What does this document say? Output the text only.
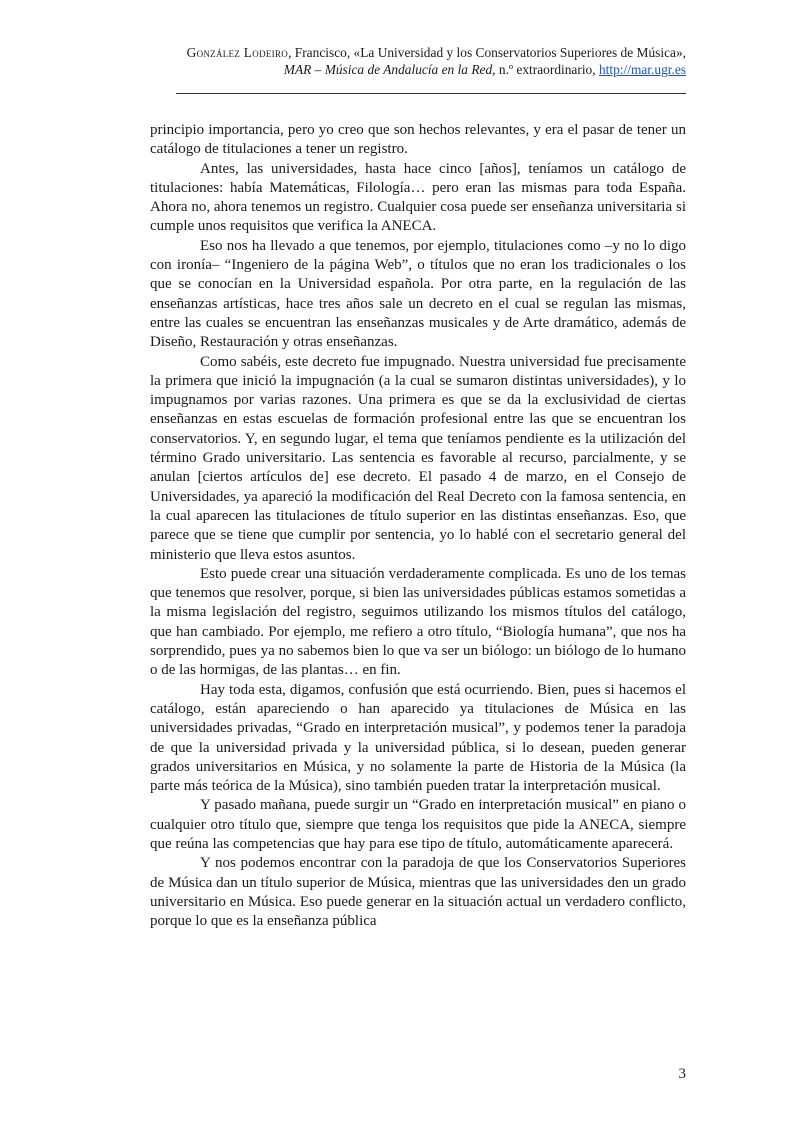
González Lodeiro, Francisco, «La Universidad y los Conservatorios Superiores de Música»,
MAR – Música de Andalucía en la Red, n.º extraordinario, http://mar.ugr.es

principio importancia, pero yo creo que son hechos relevantes, y era el pasar de tener un catálogo de titulaciones a tener un registro.

Antes, las universidades, hasta hace cinco [años], teníamos un catálogo de titulaciones: había Matemáticas, Filología… pero eran las mismas para toda España. Ahora no, ahora tenemos un registro. Cualquier cosa puede ser enseñanza universitaria si cumple unos requisitos que verifica la ANECA.

Eso nos ha llevado a que tenemos, por ejemplo, titulaciones como –y no lo digo con ironía– “Ingeniero de la página Web”, o títulos que no eran los tradicionales o los que se conocían en la Universidad española. Por otra parte, en la regulación de las enseñanzas artísticas, hace tres años sale un decreto en el cual se regulan las mismas, entre las cuales se encuentran las enseñanzas musicales y de Arte dramático, además de Diseño, Restauración y otras enseñanzas.

Como sabéis, este decreto fue impugnado. Nuestra universidad fue precisamente la primera que inició la impugnación (a la cual se sumaron distintas universidades), y lo impugnamos por varias razones. Una primera es que se da la exclusividad de ciertas enseñanzas en estas escuelas de formación profesional entre las que se encuentran los conservatorios. Y, en segundo lugar, el tema que teníamos pendiente es la utilización del término Grado universitario. Las sentencia es favorable al recurso, parcialmente, y se anulan [ciertos artículos de] ese decreto. El pasado 4 de marzo, en el Consejo de Universidades, ya apareció la modificación del Real Decreto con la famosa sentencia, en la cual aparecen las titulaciones de título superior en las distintas enseñanzas. Eso, que parece que se tiene que cumplir por sentencia, yo lo hablé con el secretario general del ministerio que lleva estos asuntos.

Esto puede crear una situación verdaderamente complicada. Es uno de los temas que tenemos que resolver, porque, si bien las universidades públicas estamos sometidas a la misma legislación del registro, seguimos utilizando los mismos títulos del catálogo, que han cambiado. Por ejemplo, me refiero a otro título, “Biología humana”, que nos ha sorprendido, pues ya no sabemos bien lo que va ser un biólogo: un biólogo de lo humano o de las hormigas, de las plantas… en fin.

Hay toda esta, digamos, confusión que está ocurriendo. Bien, pues si hacemos el catálogo, están apareciendo o han aparecido ya titulaciones de Música en las universidades privadas, “Grado en interpretación musical”, y podemos tener la paradoja de que la universidad privada y la universidad pública, si lo desean, pueden generar grados universitarios en Música, y no solamente la parte de Historia de la Música (la parte más teórica de la Música), sino también pueden tratar la interpretación musical.

Y pasado mañana, puede surgir un “Grado en interpretación musical” en piano o cualquier otro título que, siempre que tenga los requisitos que pide la ANECA, siempre que reúna las competencias que hay para ese tipo de título, automáticamente aparecerá.

Y nos podemos encontrar con la paradoja de que los Conservatorios Superiores de Música dan un título superior de Música, mientras que las universidades den un grado universitario en Música. Eso puede generar en la situación actual un verdadero conflicto, porque lo que es la enseñanza pública

3
